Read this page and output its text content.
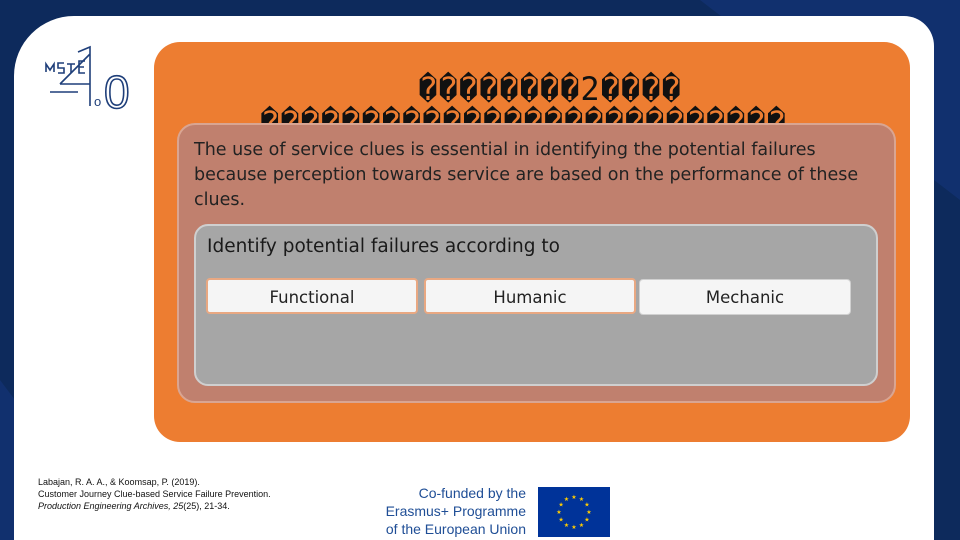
o 0	��������2����
The use of service clues is essential in identifying the potential failures because perception towards service are based on the performance of these clues.
Identify potential failures according to
Functional	Humanic	Mechanic
Labajan, R. A. A., & Koomsap, P. (2019).
Customer Journey Clue-based Service Failure Prevention.
Production Engineering Archives, 25(25), 21-34.
Co-funded by the
Erasmus+ Programme
of the European Union
★ ★
★
★
★
★
★
★
★
★
★
★
